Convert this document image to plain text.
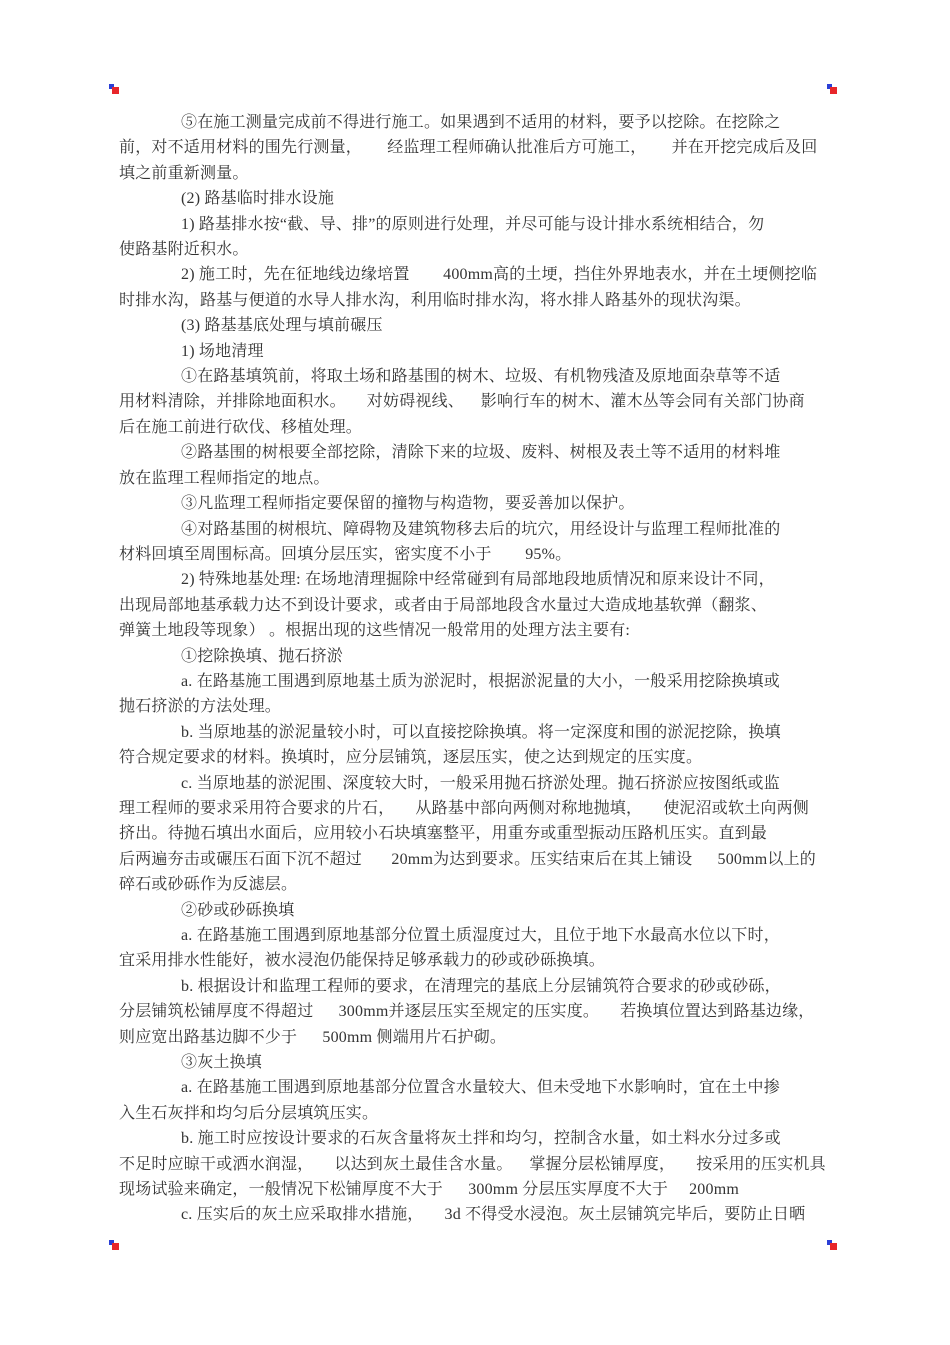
⑤在施工测量完成前不得进行施工。如果遇到不适用的材料，要予以挖除。在挖除之
前，对不适用材料的围先行测量，      经监理工程师确认批准后方可施工，      并在开挖完成后及回
填之前重新测量。
(2) 路基临时排水设施
1) 路基排水按“截、导、排”的原则进行处理，并尽可能与设计排水系统相结合，勿
使路基附近积水。
2) 施工时，先在征地线边缘培置        400mm高的土埂，挡住外界地表水，并在土埂侧挖临
时排水沟，路基与便道的水导人排水沟，利用临时排水沟，将水排人路基外的现状沟渠。
(3) 路基基底处理与填前碾压
1) 场地清理
①在路基填筑前，将取土场和路基围的树木、垃圾、有机物残渣及原地面杂草等不适
用材料清除，并排除地面积水。     对妨碍视线、    影响行车的树木、灌木丛等会同有关部门协商
后在施工前进行砍伐、移植处理。
②路基围的树根要全部挖除，清除下来的垃圾、废料、树根及表土等不适用的材料堆
放在监理工程师指定的地点。
③凡监理工程师指定要保留的撞物与构造物，要妥善加以保护。
④对路基围的树根坑、障碍物及建筑物移去后的坑穴，用经设计与监理工程师批准的
材料回填至周围标高。回填分层压实，密实度不小于        95%。
2) 特殊地基处理: 在场地清理掘除中经常碰到有局部地段地质情况和原来设计不同，
出现局部地基承载力达不到设计要求，或者由于局部地段含水量过大造成地基软弹（翻浆、
弹簧土地段等现象） 。根据出现的这些情况一般常用的处理方法主要有:
①挖除换填、抛石挤淤
a. 在路基施工围遇到原地基土质为淤泥时，根据淤泥量的大小，一般采用挖除换填或
抛石挤淤的方法处理。
b. 当原地基的淤泥量较小时，可以直接挖除换填。将一定深度和围的淤泥挖除，换填
符合规定要求的材料。换填时，应分层铺筑，逐层压实，使之达到规定的压实度。
c. 当原地基的淤泥围、深度较大时，一般采用抛石挤淤处理。抛石挤淤应按图纸或监
理工程师的要求采用符合要求的片石，     从路基中部向两侧对称地抛填，     使泥沼或软土向两侧
挤出。待抛石填出水面后，应用较小石块填塞整平，用重夯或重型振动压路机压实。直到最
后两遍夯击或碾压石面下沉不超过       20mm为达到要求。压实结束后在其上铺设      500mm以上的
碎石或砂砾作为反滤层。
②砂或砂砾换填
a. 在路基施工围遇到原地基部分位置土质湿度过大，且位于地下水最高水位以下时，
宜采用排水性能好，被水浸泡仍能保持足够承载力的砂或砂砾换填。
b. 根据设计和监理工程师的要求，在清理完的基底上分层铺筑符合要求的砂或砂砾，
分层铺筑松铺厚度不得超过      300mm并逐层压实至规定的压实度。     若换填位置达到路基边缘，
则应宽出路基边脚不少于      500mm 侧端用片石护砌。
③灰土换填
a. 在路基施工围遇到原地基部分位置含水量较大、但未受地下水影响时，宜在土中掺
入生石灰拌和均匀后分层填筑压实。
b. 施工时应按设计要求的石灰含量将灰土拌和均匀，控制含水量，如土料水分过多或
不足时应晾干或洒水润湿，     以达到灰土最佳含水量。    掌握分层松铺厚度，     按采用的压实机具
现场试验来确定，一般情况下松铺厚度不大于      300mm 分层压实厚度不大于     200mm
c. 压实后的灰土应采取排水措施，     3d 不得受水浸泡。灰土层铺筑完毕后，要防止日晒
